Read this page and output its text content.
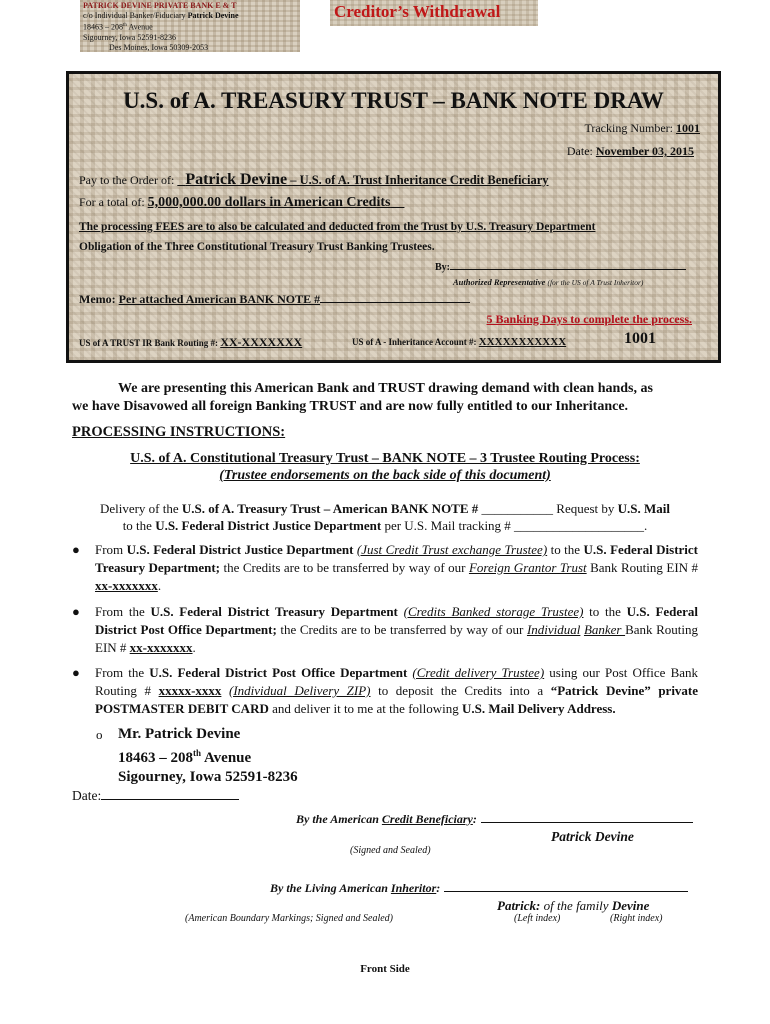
PATRICK DEVINE PRIVATE BANK E & T
c/o Individual Banker/Fiduciary Patrick Devine
18463 – 208th Avenue
Sigourney, Iowa 52591-8236
Des Moines, Iowa 50309-2053
Creditor’s Withdrawal
U.S. of A. TREASURY TRUST – BANK NOTE DRAW
Tracking Number: 1001
Date: November 03, 2015
Pay to the Order of: Patrick Devine – U.S. of A. Trust Inheritance Credit Beneficiary
For a total of: 5,000,000.00 dollars in American Credits
The processing FEES are to also be calculated and deducted from the Trust by U.S. Treasury Department
Obligation of the Three Constitutional Treasury Trust Banking Trustees.
By:
Authorized Representative (for the US of A Trust Inheritor)
Memo: Per attached American BANK NOTE #
5 Banking Days to complete the process.
US of A TRUST IR Bank Routing #: XX-XXXXXXX	US of A - Inheritance Account #: XXXXXXXXXXX	1001
We are presenting this American Bank and TRUST drawing demand with clean hands, as
we have Disavowed all foreign Banking TRUST and are now fully entitled to our Inheritance.
PROCESSING INSTRUCTIONS:
U.S. of A. Constitutional Treasury Trust – BANK NOTE – 3 Trustee Routing Process:
(Trustee endorsements on the back side of this document)
Delivery of the U.S. of A. Treasury Trust – American BANK NOTE # ___________ Request by U.S. Mail
to the U.S. Federal District Justice Department per U.S. Mail tracking # ____________________.
● From U.S. Federal District Justice Department (Just Credit Trust exchange Trustee) to the U.S. Federal District Treasury Department; the Credits are to be transferred by way of our Foreign Grantor Trust Bank Routing EIN # xx-xxxxxxx.
● From the U.S. Federal District Treasury Department (Credits Banked storage Trustee) to the U.S. Federal District Post Office Department; the Credits are to be transferred by way of our Individual Banker Bank Routing EIN # xx-xxxxxxx.
● From the U.S. Federal District Post Office Department (Credit delivery Trustee) using our Post Office Bank Routing # xxxxx-xxxx (Individual Delivery ZIP) to deposit the Credits into a “Patrick Devine” private POSTMASTER DEBIT CARD and deliver it to me at the following U.S. Mail Delivery Address.
o Mr. Patrick Devine
18463 – 208th Avenue
Sigourney, Iowa 52591-8236
Date:
By the American Credit Beneficiary:
Patrick Devine
(Signed and Sealed)
By the Living American Inheritor:
Patrick: of the family Devine
(American Boundary Markings; Signed and Sealed)	(Left index)	(Right index)
Front Side
